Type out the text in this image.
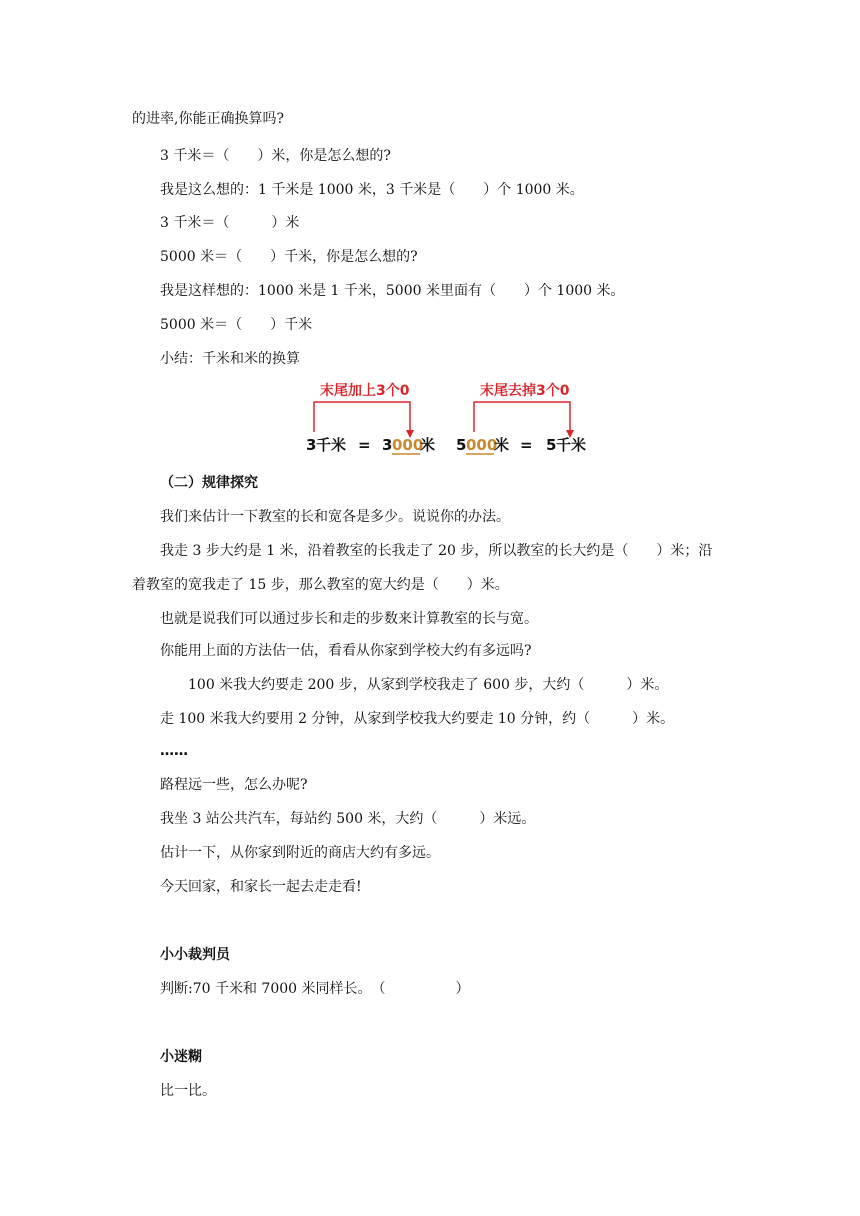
的进率,你能正确换算吗?
3 千米＝（　　）米，你是怎么想的?
我是这么想的：1 千米是 1000 米，3 千米是（　　）个 1000 米。
3 千米＝（　　　）米
5000 米＝（　　）千米，你是怎么想的?
我是这样想的：1000 米是 1 千米，5000 米里面有（　　）个 1000 米。
5000 米＝（　　）千米
小结：千米和米的换算
末尾加上3个0	末尾去掉3个0
3 千米 = 3 000
米 5 000
米 = 5 千米
（二）规律探究
我们来估计一下教室的长和宽各是多少。说说你的办法。
我走 3 步大约是 1 米，沿着教室的长我走了 20 步，所以教室的长大约是（　　）米；沿
着教室的宽我走了 15 步，那么教室的宽大约是（　　）米。
也就是说我们可以通过步长和走的步数来计算教室的长与宽。
你能用上面的方法估一估，看看从你家到学校大约有多远吗?
100 米我大约要走 200 步，从家到学校我走了 600 步，大约（　　　）米。
走 100 米我大约要用 2 分钟，从家到学校我大约要走 10 分钟，约（　　　）米。
……
路程远一些，怎么办呢?
我坐 3 站公共汽车，每站约 500 米，大约（　　　）米远。
估计一下，从你家到附近的商店大约有多远。
今天回家，和家长一起去走走看!
小小裁判员
判断:70 千米和 7000 米同样长。　（　　　　　）
小迷糊
比一比。
